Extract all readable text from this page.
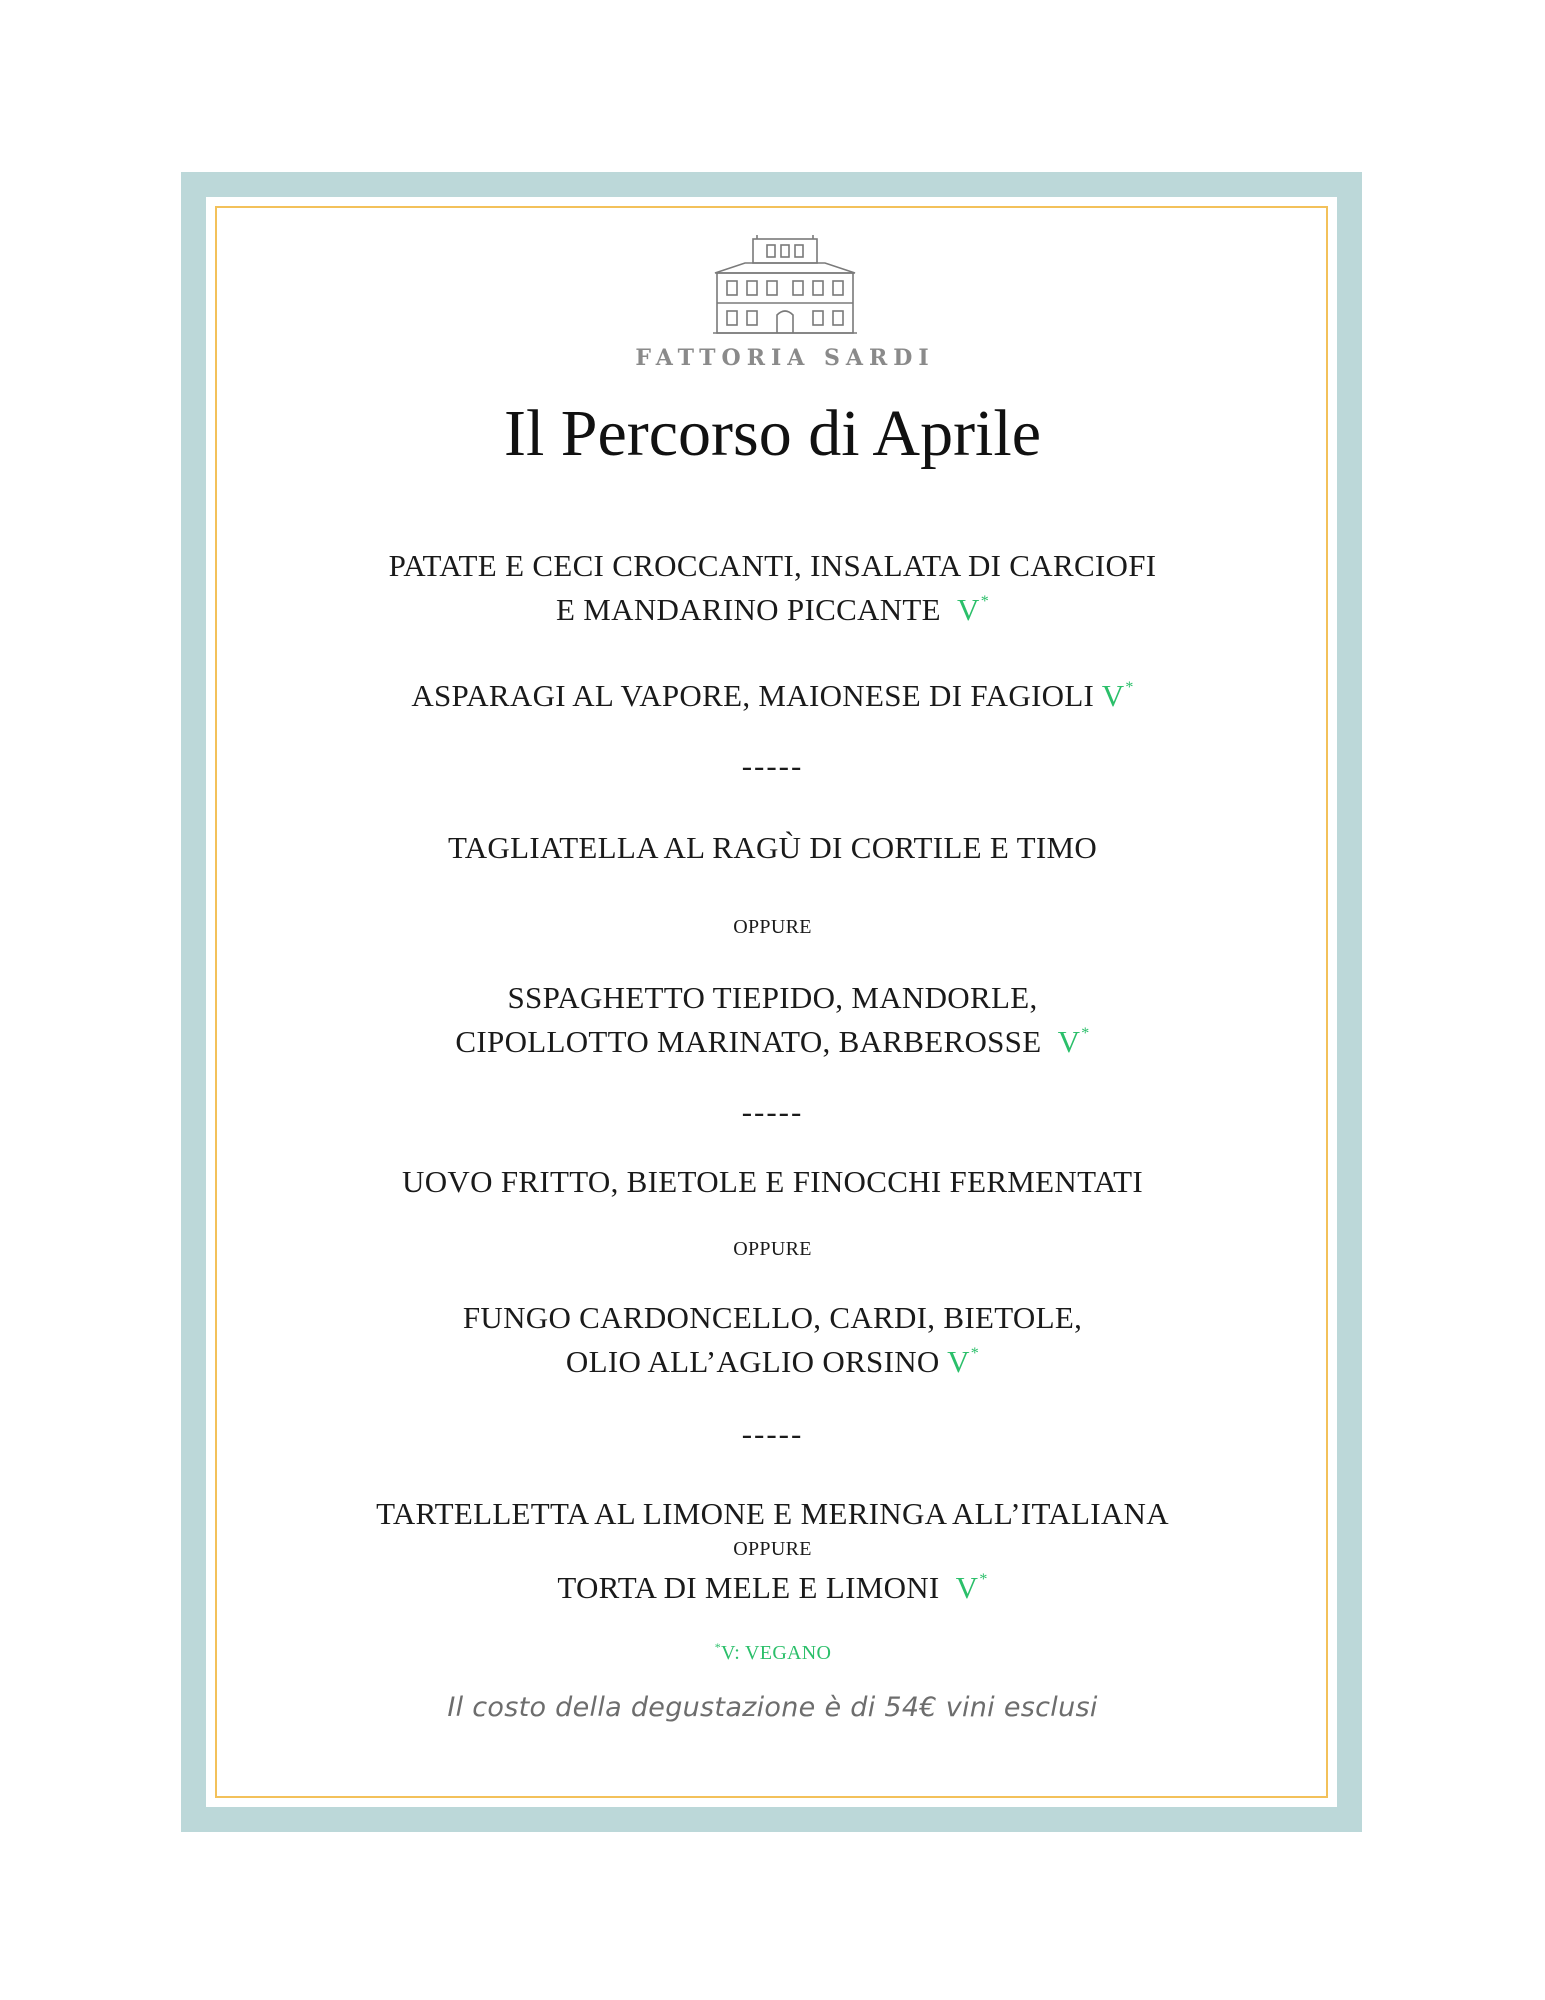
FATTORIA SARDI
Il Percorso di Aprile
PATATE E CECI CROCCANTI, INSALATA DI CARCIOFI
E MANDARINO PICCANTE V*
ASPARAGI AL VAPORE, MAIONESE DI FAGIOLI V*
-----
TAGLIATELLA AL RAGÙ DI CORTILE E TIMO
OPPURE
SSPAGHETTO TIEPIDO, MANDORLE,
CIPOLLOTTO MARINATO, BARBEROSSE V*
-----
UOVO FRITTO, BIETOLE E FINOCCHI FERMENTATI
OPPURE
FUNGO CARDONCELLO, CARDI, BIETOLE,
OLIO ALL’AGLIO ORSINO V*
-----
TARTELLETTA AL LIMONE E MERINGA ALL’ITALIANA
OPPURE
TORTA DI MELE E LIMONI V*
*V: VEGANO
Il costo della degustazione è di 54€ vini esclusi
